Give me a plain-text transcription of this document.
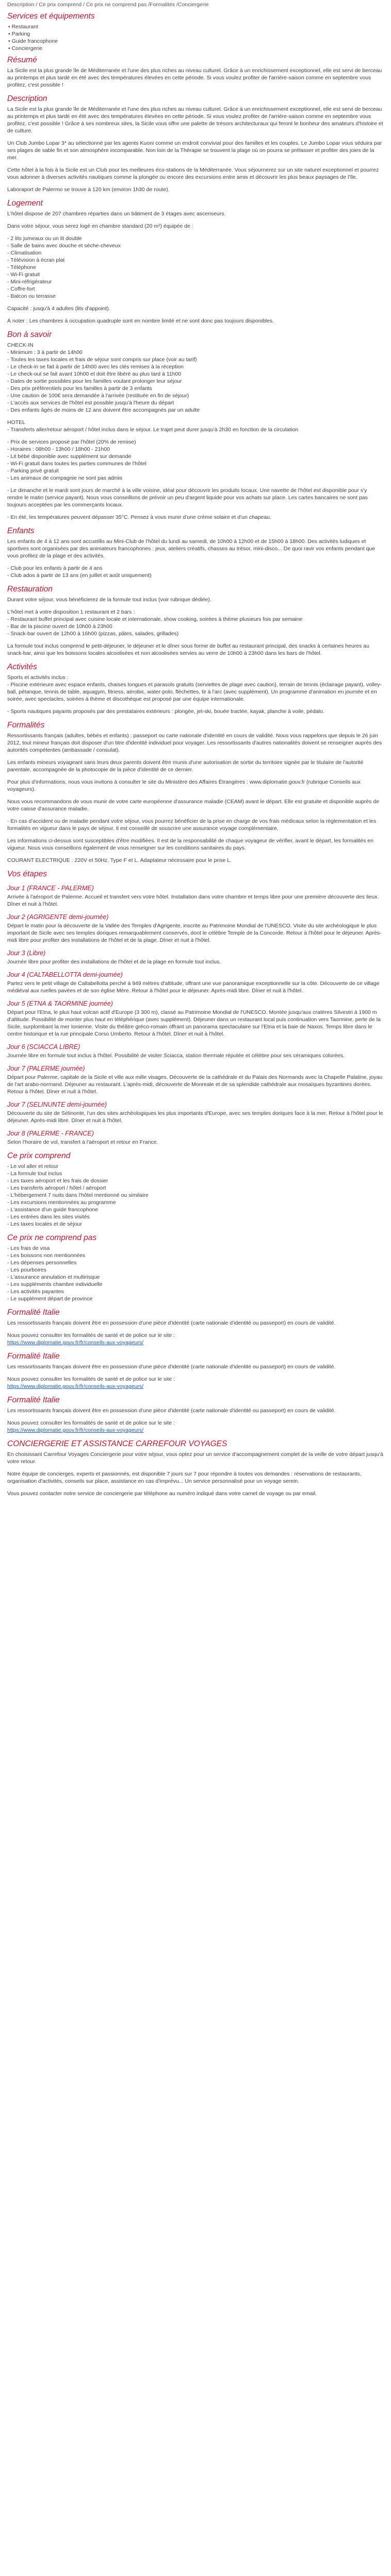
Description / Ce prix comprend / Ce prix ne comprend pas /Formalités /Conciergerie
Services et équipements
• Restaurant
• Parking
• Guide francophone
• Conciergerie
Résumé

La Sicile est la plus grande île de Méditerranée et l'une des plus riches au niveau culturel. Grâce à un enrichissement exceptionnel, elle est servi de berceau au printemps et plus tardé en été avec des températures élevées en cette période. Si vous voulez profiter de l'arrière-saison comme en septembre vous profitez, c'est possible !

Description

La Sicile est la plus grande île de Méditerranée et l'une des plus riches au niveau culturel. Grâce à un enrichissement exceptionnel, elle est servi de berceau au printemps et plus tardé en été avec des températures élevées en cette période. Si vous voulez profiter de l'arrière-saison comme en septembre vous profitez, c'est possible ! Grâce à ses nombreux sites, la Sicile vous offre une palette de trésors architecturaux qui feront le bonheur des amateurs d'histoire et de culture.

Un Club Jumbo Lopar 3* au sélectionné par les agents Kuoni comme un endroit convivial pour des familles et les couples. Le Jumbo Lopar vous séduira par ses plages de sable fin et son atmosphère incomparable. Non loin de la Thérapie se trouvent la plage où on pourra se prélasser et profiter des joies de la mer.

Cette hôtel à la fois à la Sicile est un Club pour les meilleures éco-stations de la Méditerranée. Vous séjournerez sur un site naturel exceptionnel et pourrez vous adonner à diverses activités nautiques comme la plongée ou encore des excursions entre amis et découvrir les plus beaux paysages de l'île.

Laboraport de Palermo se trouve à 120 km (environ 1h30 de route).

Logement

L'hôtel dispose de 207 chambres réparties dans un bâtiment de 3 étages avec ascenseurs.

Dans votre séjour, vous serez logé en chambre standard (20 m²) équipée de :

- 2 lits jumeaux ou un lit double

- Salle de bains avec douche et sèche-cheveux

- Climatisation

- Télévision à écran plat

- Téléphone

- Wi-Fi gratuit

- Mini-réfrigérateur

- Coffre-fort

- Balcon ou terrasse

Capacité : jusqu'à 4 adultes (lits d'appoint).

À noter : Les chambres à occupation quadruple sont en nombre limité et ne sont donc pas toujours disponibles.

Bon à savoir

CHECK-IN

- Minimum : 3 à partir de 14h00

- Toutes les taxes locales et frais de séjour sont compris sur place (voir au tarif)

- Le check-in se fait à partir de 14h00 avec les clés remises à la réception

- Le check-out se fait avant 10h00 et doit être libéré au plus tard à 11h00

- Dates de sortie possibles pour les familles voulant prolonger leur séjour

- Des prix préférentiels pour les familles à partir de 3 enfants

- Une caution de 100€ sera demandée à l'arrivée (restituée en fin de séjour)

- L'accès aux services de l'hôtel est possible jusqu'à l'heure du départ

- Des enfants âgés de moins de 12 ans doivent être accompagnés par un adulte

HOTEL

- Transferts aller/retour aéroport / hôtel inclus dans le séjour. Le trajet peut durer jusqu'à 2h30 en fonction de la circulation

- Prix de services proposé par l'hôtel (20% de remise)

- Horaires : 08h00 - 13h00 / 18h00 - 21h00

- Lit bébé disponible avec supplément sur demande

- Wi-Fi gratuit dans toutes les parties communes de l'hôtel

- Parking privé gratuit

- Les animaux de compagnie ne sont pas admis

- Le dimanche et le mardi sont jours de marché à la ville voisine, idéal pour découvrir les produits locaux. Une navette de l'hôtel est disponible pour s'y rendre le matin (service payant). Nous vous conseillons de prévoir un peu d'argent liquide pour vos achats sur place. Les cartes bancaires ne sont pas toujours acceptées par les commerçants locaux.

- En été, les températures peuvent dépasser 35°C. Pensez à vous munir d'une crème solaire et d'un chapeau.

Enfants

Les enfants de 4 à 12 ans sont accueillis au Mini-Club de l'hôtel du lundi au samedi, de 10h00 à 12h00 et de 15h00 à 18h00. Des activités ludiques et sportives sont organisées par des animateurs francophones : jeux, ateliers créatifs, chasses au trésor, mini-disco... De quoi ravir vos enfants pendant que vous profitez de la plage et des activités.

- Club pour les enfants à partir de 4 ans

- Club ados à partir de 13 ans (en juillet et août uniquement)

Restauration

Durant votre séjour, vous bénéficierez de la formule tout inclus (voir rubrique dédiée).

L'hôtel met à votre disposition 1 restaurant et 2 bars :

- Restaurant buffet principal avec cuisine locale et internationale, show cooking, soirées à thème plusieurs fois par semaine

- Bar de la piscine ouvert de 10h00 à 23h00

- Snack-bar ouvert de 12h00 à 16h00 (pizzas, pâtes, salades, grillades)

La formule tout inclus comprend le petit-déjeuner, le déjeuner et le dîner sous forme de buffet au restaurant principal, des snacks à certaines heures au snack-bar, ainsi que les boissons locales alcoolisées et non alcoolisées servies au verre de 10h00 à 23h00 dans les bars de l'hôtel.

Activités

Sports et activités inclus :

- Piscine extérieure avec espace enfants, chaises longues et parasols gratuits (serviettes de plage avec caution), terrain de tennis (éclairage payant), volley-ball, pétanque, tennis de table, aquagym, fitness, aérobic, water-polo, fléchettes, tir à l'arc (avec supplément). Un programme d'animation en journée et en soirée, avec spectacles, soirées à thème et discothèque est proposé par une équipe internationale.

- Sports nautiques payants proposés par des prestataires extérieurs : plongée, jet-ski, bouée tractée, kayak, planche à voile, pédalo.

Formalités

Ressortissants français (adultes, bébés et enfants) : passeport ou carte nationale d'identité en cours de validité. Nous vous rappelons que depuis le 26 juin 2012, tout mineur français doit disposer d'un titre d'identité individuel pour voyager. Les ressortissants d'autres nationalités doivent se renseigner auprès des autorités compétentes (ambassade / consulat).

Les enfants mineurs voyageant sans leurs deux parents doivent être munis d'une autorisation de sortie du territoire signée par le titulaire de l'autorité parentale, accompagnée de la photocopie de la pièce d'identité de ce dernier.

Pour plus d'informations, nous vous invitons à consulter le site du Ministère des Affaires Étrangères : www.diplomatie.gouv.fr (rubrique Conseils aux voyageurs).

Nous vous recommandons de vous munir de votre carte européenne d'assurance maladie (CEAM) avant le départ. Elle est gratuite et disponible auprès de votre caisse d'assurance maladie.

- En cas d'accident ou de maladie pendant votre séjour, vous pourrez bénéficier de la prise en charge de vos frais médicaux selon la réglementation et les formalités en vigueur dans le pays de séjour. Il est conseillé de souscrire une assurance voyage complémentaire.

Les informations ci-dessus sont susceptibles d'être modifiées. Il est de la responsabilité de chaque voyageur de vérifier, avant le départ, les formalités en vigueur. Nous vous conseillons également de vous renseigner sur les conditions sanitaires du pays.

COURANT ELECTRIQUE : 220V et 50Hz. Type F et L. Adaptateur nécessaire pour le prise L.

Vos étapes
Jour 1 (FRANCE - PALERME)

Arrivée à l'aéroport de Palerme. Accueil et transfert vers votre hôtel. Installation dans votre chambre et temps libre pour une première découverte des lieux. Dîner et nuit à l'hôtel.

Jour 2 (AGRIGENTE demi-journée)

Départ le matin pour la découverte de la Vallée des Temples d'Agrigente, inscrite au Patrimoine Mondial de l'UNESCO. Visite du site archéologique le plus important de Sicile avec ses temples doriques remarquablement conservés, dont le célèbre Temple de la Concorde. Retour à l'hôtel pour le déjeuner. Après-midi libre pour profiter des installations de l'hôtel et de la plage. Dîner et nuit à l'hôtel.

Jour 3 (Libre)

Journée libre pour profiter des installations de l'hôtel et de la plage en formule tout inclus.

Jour 4 (CALTABELLOTTA demi-journée)

Partez vers le petit village de Caltabellotta perché à 949 mètres d'altitude, offrant une vue panoramique exceptionnelle sur la côte. Découverte de ce village médiéval aux ruelles pavées et de son église Mère. Retour à l'hôtel pour le déjeuner. Après-midi libre. Dîner et nuit à l'hôtel.

Jour 5 (ETNA & TAORMINE journée)

Départ pour l'Etna, le plus haut volcan actif d'Europe (3 300 m), classé au Patrimoine Mondial de l'UNESCO. Montée jusqu'aux cratères Silvestri à 1900 m d'altitude. Possibilité de monter plus haut en téléphérique (avec supplément). Déjeuner dans un restaurant local puis continuation vers Taormine, perle de la Sicile, surplombant la mer Ionienne. Visite du théâtre gréco-romain offrant un panorama spectaculaire sur l'Etna et la baie de Naxos. Temps libre dans le centre historique et la rue principale Corso Umberto. Retour à l'hôtel. Dîner et nuit à l'hôtel.

Jour 6 (SCIACCA LIBRE)

Journée libre en formule tout inclus à l'hôtel. Possibilité de visiter Sciacca, station thermale réputée et célèbre pour ses céramiques colorées.

Jour 7 (PALERME journée)

Départ pour Palerme, capitale de la Sicile et ville aux mille visages. Découverte de la cathédrale et du Palais des Normands avec la Chapelle Palatine, joyau de l'art arabo-normand. Déjeuner au restaurant. L'après-midi, découverte de Monreale et de sa splendide cathédrale aux mosaïques byzantines dorées. Retour à l'hôtel. Dîner et nuit à l'hôtel.

Jour 7 (SELINUNTE demi-journée)

Découverte du site de Sélinonte, l'un des sites archéologiques les plus importants d'Europe, avec ses temples doriques face à la mer. Retour à l'hôtel pour le déjeuner. Après-midi libre. Dîner et nuit à l'hôtel.

Jour 8 (PALERME - FRANCE)

Selon l'horaire de vol, transfert à l'aéroport et retour en France.

Ce prix comprend

- Le vol aller et retour

- La formule tout inclus

- Les taxes aéroport et les frais de dossier

- Les transferts aéroport / hôtel / aéroport

- L'hébergement 7 nuits dans l'hôtel mentionné ou similaire

- Les excursions mentionnées au programme

- L'assistance d'un guide francophone

- Les entrées dans les sites visités

- Les taxes locales et de séjour

Ce prix ne comprend pas

- Les frais de visa

- Les boissons non mentionnées

- Les dépenses personnelles

- Les pourboires

- L'assurance annulation et multirisque

- Les suppléments chambre individuelle

- Les activités payantes

- Le supplément départ de province

Formalité Italie

Les ressortissants français doivent être en possession d'une pièce d'identité (carte nationale d'identité ou passeport) en cours de validité.

Nous pouvez consulter les formalités de santé et de police sur le site :

https://www.diplomatie.gouv.fr/fr/conseils-aux-voyageurs/

Formalité Italie

Les ressortissants français doivent être en possession d'une pièce d'identité (carte nationale d'identité ou passeport) en cours de validité.

Nous pouvez consulter les formalités de santé et de police sur le site :

https://www.diplomatie.gouv.fr/fr/conseils-aux-voyageurs/

Formalité Italie

Les ressortissants français doivent être en possession d'une pièce d'identité (carte nationale d'identité ou passeport) en cours de validité.

Nous pouvez consulter les formalités de santé et de police sur le site :

https://www.diplomatie.gouv.fr/fr/conseils-aux-voyageurs/

CONCIERGERIE ET ASSISTANCE CARREFOUR VOYAGES

En choisissant Carrefour Voyages Conciergerie pour votre séjour, vous optez pour un service d'accompagnement complet de la veille de votre départ jusqu'à votre retour.

Notre équipe de concierges, experts et passionnés, est disponible 7 jours sur 7 pour répondre à toutes vos demandes : réservations de restaurants, organisation d'activités, conseils sur place, assistance en cas d'imprévu... Un service personnalisé pour un voyage serein.

Vous pouvez contacter notre service de conciergerie par téléphone au numéro indiqué dans votre carnet de voyage ou par email.
